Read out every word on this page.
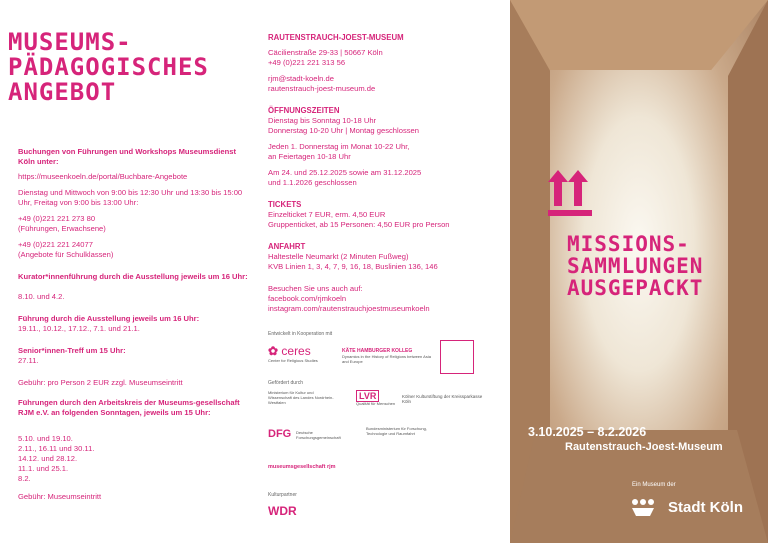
MUSEUMS-
PÄDAGOGISCHES
ANGEBOT
Buchungen von Führungen und Workshops Museumsdienst Köln unter:
https://museenkoeln.de/portal/Buchbare-Angebote
Dienstag und Mittwoch von 9:00 bis 12:30 Uhr und 13:30 bis 15:00 Uhr, Freitag von 9:00 bis 13:00 Uhr:
+49 (0)221 221 273 80
(Führungen, Erwachsene)
+49 (0)221 221 24077
(Angebote für Schulklassen)
Kurator*innenführung durch die Ausstellung jeweils um 16 Uhr:
8.10. und 4.2.
Führung durch die Ausstellung jeweils um 16 Uhr:
19.11., 10.12., 17.12., 7.1. und 21.1.
Senior*innen-Treff um 15 Uhr:
27.11.
Gebühr: pro Person 2 EUR zzgl. Museumseintritt
Führungen durch den Arbeitskreis der Museums-gesellschaft RJM e.V. an folgenden Sonntagen, jeweils um 15 Uhr:
5.10. und 19.10.
2.11., 16.11 und 30.11.
14.12. und 28.12.
11.1. und 25.1.
8.2.
Gebühr: Museumseintritt
RAUTENSTRAUCH-JOEST-MUSEUM
Cäcilienstraße 29-33 | 50667 Köln
+49 (0)221 221 313 56
rjm@stadt-koeln.de
rautenstrauch-joest-museum.de
ÖFFNUNGSZEITEN
Dienstag bis Sonntag 10-18 Uhr
Donnerstag 10-20 Uhr | Montag geschlossen
Jeden 1. Donnerstag im Monat 10-22 Uhr,
an Feiertagen 10-18 Uhr
Am 24. und 25.12.2025 sowie am 31.12.2025
und 1.1.2026 geschlossen
TICKETS
Einzelticket 7 EUR, erm. 4,50 EUR
Gruppenticket, ab 15 Personen: 4,50 EUR pro Person
ANFAHRT
Haltestelle Neumarkt (2 Minuten Fußweg)
KVB Linien 1, 3, 4, 7, 9, 16, 18, Buslinien 136, 146
Besuchen Sie uns auch auf:
facebook.com/rjmkoeln
instagram.com/rautenstrauchjoestmuseumkoeln
Entwickelt in Kooperation mit
✿ ceres
Center for Religious Studies
KÄTE HAMBURGER KOLLEG
Dynamics in the History of Religions between Asia and Europe
Gefördert durch
Ministerium für Kultur und Wissenschaft des Landes Nordrhein-Westfalen
LVR
Qualität für Menschen
Kölner Kulturstiftung der Kreissparkasse Köln
DFG Deutsche Forschungsgemeinschaft
Bundesministerium für Forschung, Technologie und Raumfahrt
museumsgesellschaft rjm
Kulturpartner
WDR
MISSIONS-
SAMMLUNGEN
AUSGEPACKT
3.10.2025 – 8.2.2026
Rautenstrauch-Joest-Museum
Ein Museum der
Stadt Köln
